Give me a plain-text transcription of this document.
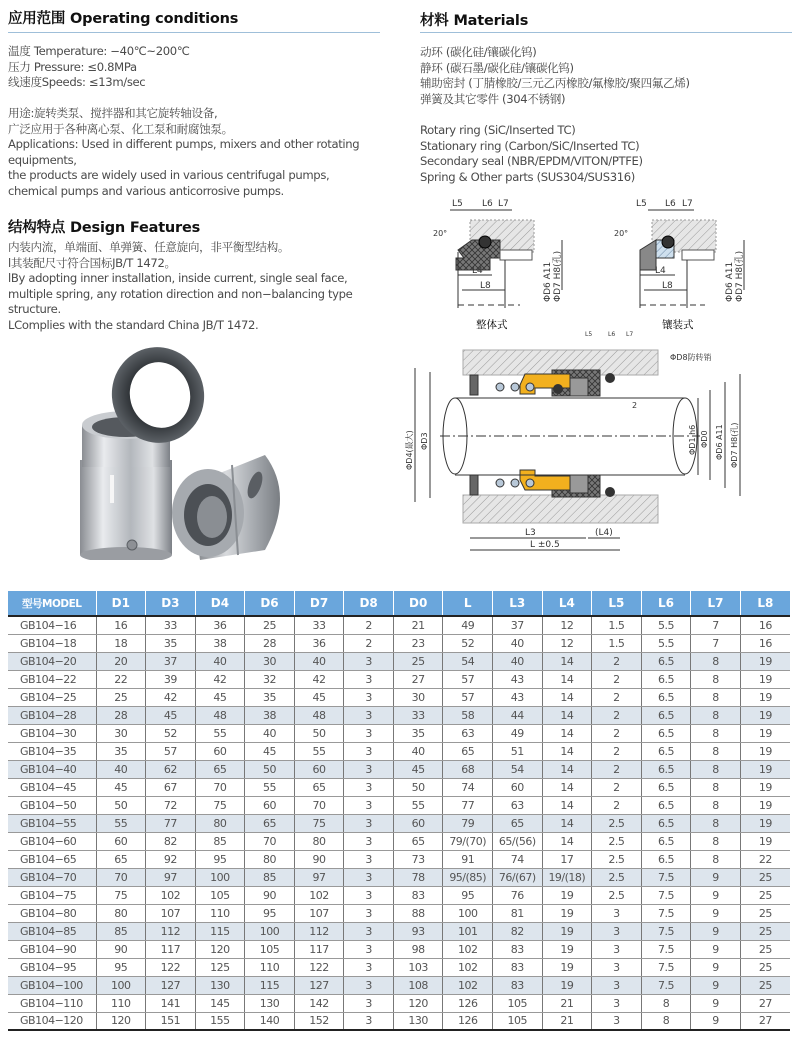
应用范围 Operating conditions
温度 Temperature: −40℃~200℃
压力 Pressure: ≤0.8MPa
线速度Speeds: ≤13m/sec
用途:旋转类泵、搅拌器和其它旋转轴设备,
广泛应用于各种离心泵、化工泵和耐腐蚀泵。
Applications: Used in different pumps, mixers and other rotating
equipments,
the products are widely used in various centrifugal pumps,
chemical pumps and various anticorrosive pumps.
结构特点 Design Features
内装内流，单端面、单弹簧、任意旋向，非平衡型结构。
l其装配尺寸符合国标JB/T 1472。
lBy adopting inner installation, inside current, single seal face,
multiple spring, any rotation direction and non−balancing type
structure.
LComplies with the standard China JB/T 1472.
材料 Materials
动环 (碳化硅/镶碳化钨)
静环 (碳石墨/碳化硅/镶碳化钨)
辅助密封 (丁腈橡胶/三元乙丙橡胶/氟橡胶/聚四氟乙烯)
弹簧及其它零件 (304不锈钢)
Rotary ring (SiC/Inserted TC)
Stationary ring (Carbon/SiC/Inserted TC)
Secondary seal (NBR/EPDM/VITON/PTFE)
Spring & Other parts (SUS304/SUS316)
L5 L6 L7
20°
L4
L8	ΦD6 A11 ΦD7 H8(孔)
整体式
L5 L6 L7
20°
L4
L8	ΦD6 A11 ΦD7 H8(孔)
镶装式
ΦD4(最大) ΦD3	ΦD1 h6 ΦD0 ΦD6 A11 ΦD7 H8(孔)
ΦD8防转销
L3	(L4)
L ±0.5
2
L5	L6 L7
型号MODEL	D1	D3	D4	D6	D7	D8	D0	L	L3	L4	L5	L6	L7	L8
GB104−16	16	33	36	25	33	2	21	49	37	12	1.5	5.5	7	16
GB104−18	18	35	38	28	36	2	23	52	40	12	1.5	5.5	7	16
GB104−20	20	37	40	30	40	3	25	54	40	14	2	6.5	8	19
GB104−22	22	39	42	32	42	3	27	57	43	14	2	6.5	8	19
GB104−25	25	42	45	35	45	3	30	57	43	14	2	6.5	8	19
GB104−28	28	45	48	38	48	3	33	58	44	14	2	6.5	8	19
GB104−30	30	52	55	40	50	3	35	63	49	14	2	6.5	8	19
GB104−35	35	57	60	45	55	3	40	65	51	14	2	6.5	8	19
GB104−40	40	62	65	50	60	3	45	68	54	14	2	6.5	8	19
GB104−45	45	67	70	55	65	3	50	74	60	14	2	6.5	8	19
GB104−50	50	72	75	60	70	3	55	77	63	14	2	6.5	8	19
GB104−55	55	77	80	65	75	3	60	79	65	14	2.5	6.5	8	19
GB104−60	60	82	85	70	80	3	65	79/(70)	65/(56)	14	2.5	6.5	8	19
GB104−65	65	92	95	80	90	3	73	91	74	17	2.5	6.5	8	22
GB104−70	70	97	100	85	97	3	78	95/(85)	76/(67)	19/(18)	2.5	7.5	9	25
GB104−75	75	102	105	90	102	3	83	95	76	19	2.5	7.5	9	25
GB104−80	80	107	110	95	107	3	88	100	81	19	3	7.5	9	25
GB104−85	85	112	115	100	112	3	93	101	82	19	3	7.5	9	25
GB104−90	90	117	120	105	117	3	98	102	83	19	3	7.5	9	25
GB104−95	95	122	125	110	122	3	103	102	83	19	3	7.5	9	25
GB104−100	100	127	130	115	127	3	108	102	83	19	3	7.5	9	25
GB104−110	110	141	145	130	142	3	120	126	105	21	3	8	9	27
GB104−120	120	151	155	140	152	3	130	126	105	21	3	8	9	27
